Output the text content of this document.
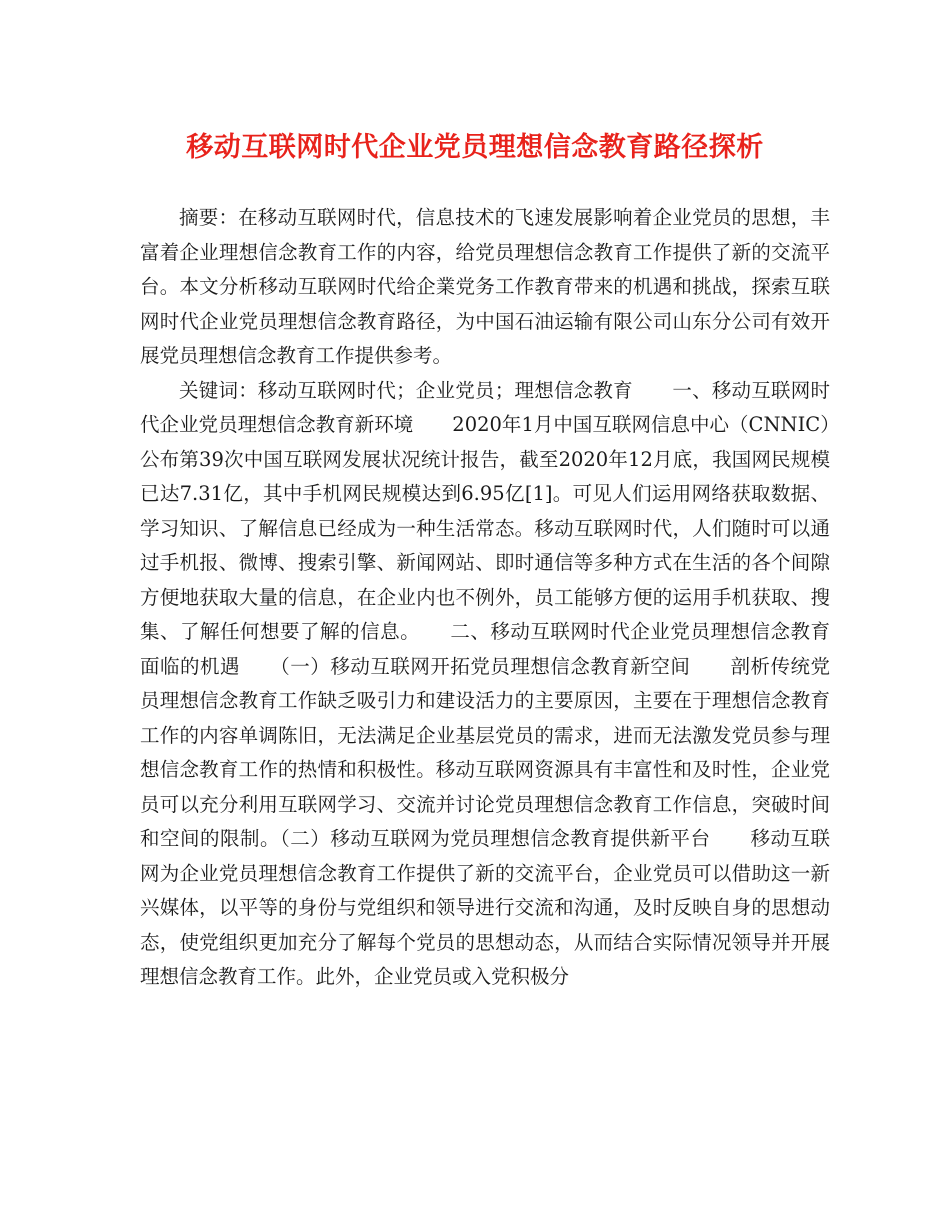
移动互联网时代企业党员理想信念教育路径探析

摘要：在移动互联网时代，信息技术的飞速发展影响着企业党员的思想，丰富着企业理想信念教育工作的内容，给党员理想信念教育工作提供了新的交流平台。本文分析移动互联网时代给企業党务工作教育带来的机遇和挑战，探索互联网时代企业党员理想信念教育路径，为中国石油运输有限公司山东分公司有效开展党员理想信念教育工作提供参考。

关键词：移动互联网时代；企业党员；理想信念教育　　一、移动互联网时代企业党员理想信念教育新环境　　2020年1月中国互联网信息中心（CNNIC）公布第39次中国互联网发展状况统计报告，截至2020年12月底，我国网民规模已达7.31亿，其中手机网民规模达到6.95亿[1]。可见人们运用网络获取数据、学习知识、了解信息已经成为一种生活常态。移动互联网时代，人们随时可以通过手机报、微博、搜索引擎、新闻网站、即时通信等多种方式在生活的各个间隙方便地获取大量的信息，在企业内也不例外，员工能够方便的运用手机获取、搜集、了解任何想要了解的信息。　　二、移动互联网时代企业党员理想信念教育面临的机遇　　（一）移动互联网开拓党员理想信念教育新空间　　剖析传统党员理想信念教育工作缺乏吸引力和建设活力的主要原因，主要在于理想信念教育工作的内容单调陈旧，无法满足企业基层党员的需求，进而无法激发党员参与理想信念教育工作的热情和积极性。移动互联网资源具有丰富性和及时性，企业党员可以充分利用互联网学习、交流并讨论党员理想信念教育工作信息，突破时间和空间的限制。（二）移动互联网为党员理想信念教育提供新平台　　移动互联网为企业党员理想信念教育工作提供了新的交流平台，企业党员可以借助这一新兴媒体，以平等的身份与党组织和领导进行交流和沟通，及时反映自身的思想动态，使党组织更加充分了解每个党员的思想动态，从而结合实际情况领导并开展理想信念教育工作。此外，企业党员或入党积极分
